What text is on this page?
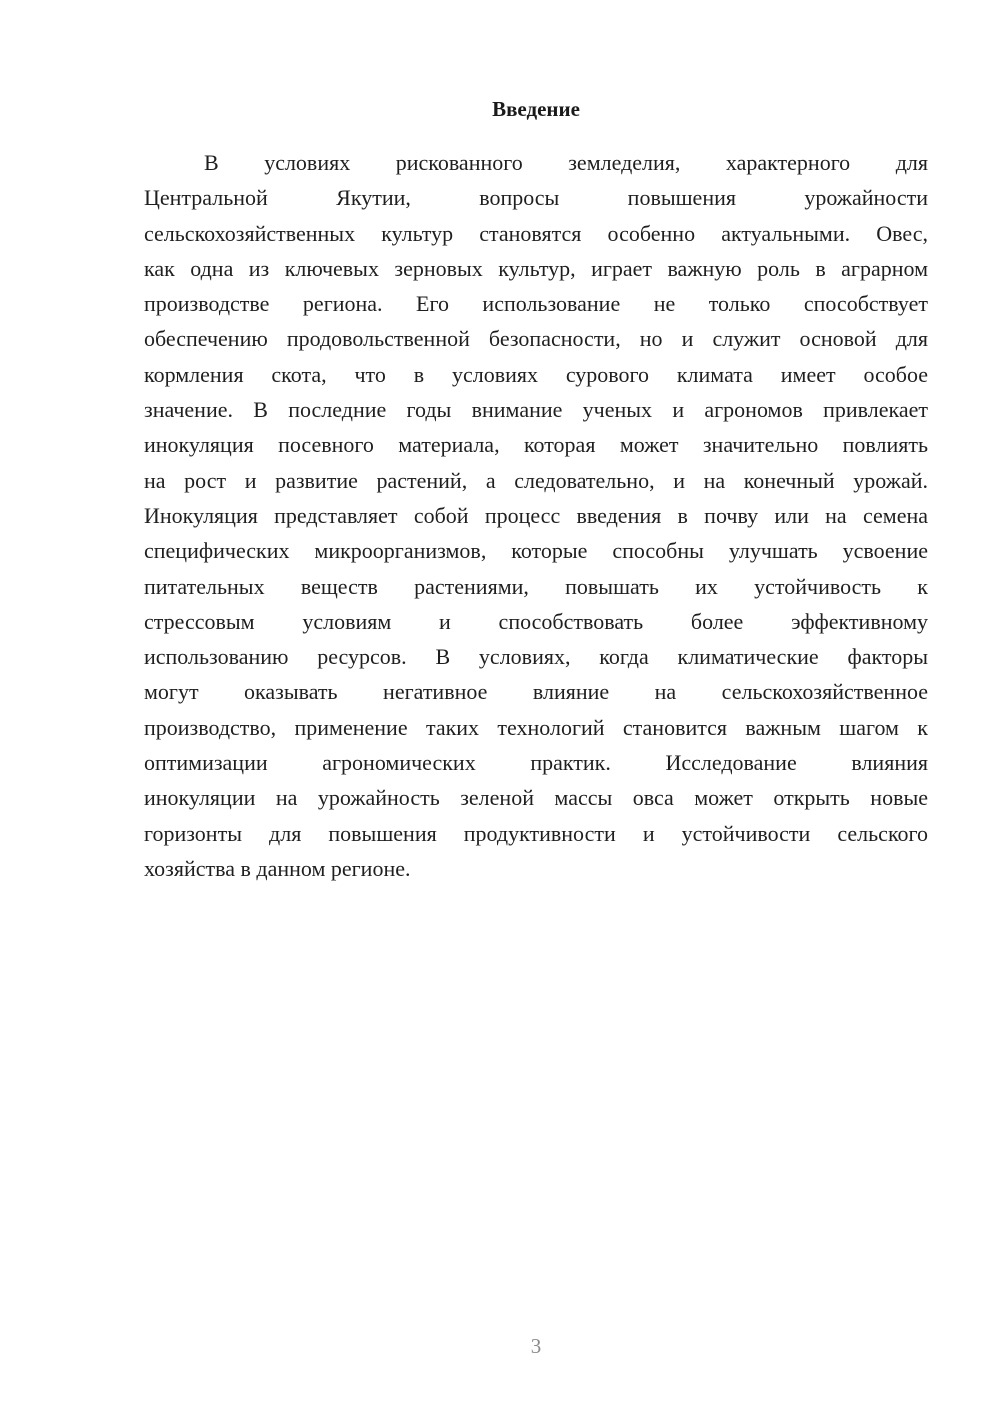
Введение
В условиях рискованного земледелия, характерного для
Центральной Якутии, вопросы повышения урожайности
сельскохозяйственных культур становятся особенно актуальными. Овес,
как одна из ключевых зерновых культур, играет важную роль в аграрном
производстве региона. Его использование не только способствует
обеспечению продовольственной безопасности, но и служит основой для
кормления скота, что в условиях сурового климата имеет особое
значение. В последние годы внимание ученых и агрономов привлекает
инокуляция посевного материала, которая может значительно повлиять
на рост и развитие растений, а следовательно, и на конечный урожай.
Инокуляция представляет собой процесс введения в почву или на семена
специфических микроорганизмов, которые способны улучшать усвоение
питательных веществ растениями, повышать их устойчивость к
стрессовым условиям и способствовать более эффективному
использованию ресурсов. В условиях, когда климатические факторы
могут оказывать негативное влияние на сельскохозяйственное
производство, применение таких технологий становится важным шагом к
оптимизации агрономических практик. Исследование влияния
инокуляции на урожайность зеленой массы овса может открыть новые
горизонты для повышения продуктивности и устойчивости сельского
хозяйства в данном регионе.
3
